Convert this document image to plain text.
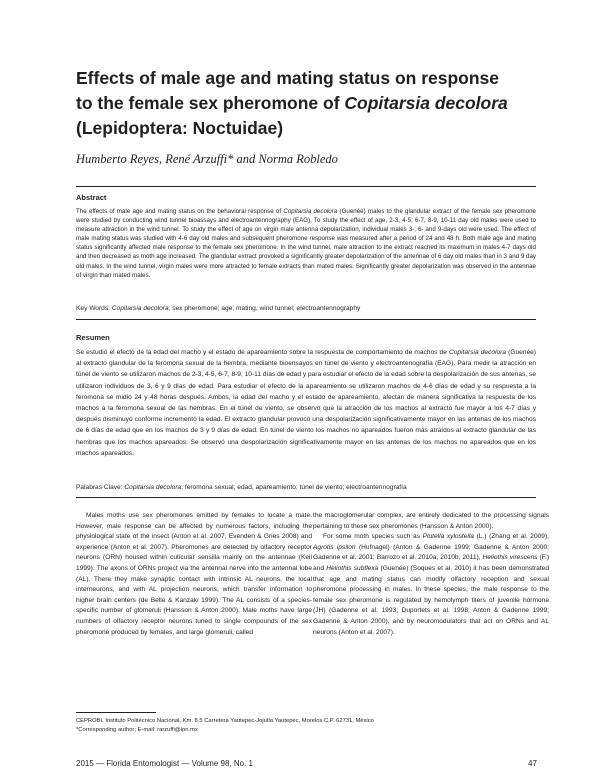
Effects of male age and mating status on response
to the female sex pheromone of Copitarsia decolora
(Lepidoptera: Noctuidae)
Humberto Reyes, René Arzuffi* and Norma Robledo
Abstract
The effects of male age and mating status on the behavioral response of Copitarsia decolora (Guenée) males to the glandular extract of the female sex pheromone were studied by conducting wind tunnel bioassays and electroantennography (EAG). To study the effect of age, 2-3, 4-5, 6-7, 8-9, 10-11 day old males were used to measure attraction in the wind tunnel. To study the effect of age on virgin male antenna depolarization, individual males 3-, 6- and 9-days old were used. The effect of male mating status was studied with 4-6 day old males and subsequent pheromone response was measured after a period of 24 and 48 h. Both male age and mating status significantly affected male response to the female sex pheromone. In the wind tunnel, male attraction to the extract reached its maximum in males 4-7 days old and then decreased as moth age increased. The glandular extract provoked a significantly greater depolarization of the antennae of 6 day old males than in 3 and 9 day old males. In the wind tunnel, virgin males were more attracted to female extracts than mated males. Significantly greater depolarization was observed in the antennae of virgin than mated males.
Key Words: Copitarsia decolora; sex pheromone; age; mating, wind tunnel; electroantennography
Resumen
Se estudió el efecto de la edad del macho y el estado de apareamiento sobre la respuesta de comportamiento de machos de Copitarsia decolora (Guenée) al extracto glandular de la feromona sexual de la hembra, mediante bioensayos en túnel de viento y electroantenografía (EAG). Para medir la atracción en túnel de viento se utilizaron machos de 2-3, 4-5, 6-7, 8-9, 10-11 días de edad y para estudiar el efecto de la edad sobre la despolarización de sus antenas, se utilizaron individuos de 3, 6 y 9 días de edad. Para estudiar el efecto de la apareamiento se utilizaron machos de 4-6 días de edad y su respuesta a la feromona se midió 24 y 48 horas después. Ambos, la edad del macho y el estado de apareamiento, afectan de manera significativa la respuesta de los machos a la feromona sexual de las hembras. En el túnel de viento, se observó que la atracción de los machos al extracto fue mayor a los 4-7 días y después disminuyó conforme incrementó la edad. El extracto glandular provocó una despolarización significativamente mayor en las antenas de los machos de 6 días de edad que en los machos de 3 y 9 días de edad. En túnel de viento los machos no apareados fueron más atraídos al extracto glandular de las hembras que los machos apareados. Se observó una despolarización significativamente mayor en las antenas de los machos no apareados que en los machos apareados.
Palabras Clave: Copitarsia decolora; feromona sexual; edad, apareamiento; túnel de viento; electroantennografía

Males moths use sex pheromones emitted by females to locate a mate. However, male response can be affected by numerous factors, including the physiological state of the insect (Anton et al. 2007; Evenden & Gries 2008) and experience (Anton et al. 2007). Pheromones are detected by olfactory receptor neurons (ORN) housed within cuticular sensilla mainly on the antennae (Keil 1999). The axons of ORNs project via the antennal nerve into the antennal lobe (AL). There they make synaptic contact with intrinsic AL neurons, the local interneurons, and with AL projection neurons, which transfer information to higher brain centers (de Belle & Kanzaki 1999). The AL consists of a species-specific number of glomeruli (Hansson & Anton 2000). Male moths have large numbers of olfactory receptor neurons tuned to single compounds of the sex pheromone produced by females, and large glomeruli, called

the macroglomerular complex, are entirely dedicated to the processing signals pertaining to these sex pheromones (Hansson & Anton 2000).

For some moth species such as Plutella xylostella (L.) (Zhang et al. 2009), Agrotis ipsilon (Hufnagel) (Anton & Gadenne 1999; Gadenne & Anton 2000; Gadenne et al. 2001; Barrozo et al. 2010a, 2010b, 2011), Heliothis virescens (F.) and Heliothis subflexa (Guenée) (Soques et al. 2010) it has been demonstrated that age and mating status can modify olfactory reception and sexual pheromone processing in males. In these species, the male response to the female sex pheromone is regulated by hemolymph titers of juvenile hormone (JH) (Gadenne et al. 1993; Duportets et al. 1998; Anton & Gadenne 1999; Gadenne & Anton 2000), and by neuromodulators that act on ORNs and AL neurons (Anton et al. 2007).

CEPROBI, Instituto Politécnico Nacional, Km. 8.5 Carretera Yautepec-Jojutla Yautepec, Morelos C.P. 62731, México
*Corresponding author; E-mail: rarzuffi@ipn.mx
2015 — Florida Entomologist — Volume 98, No. 1	47
